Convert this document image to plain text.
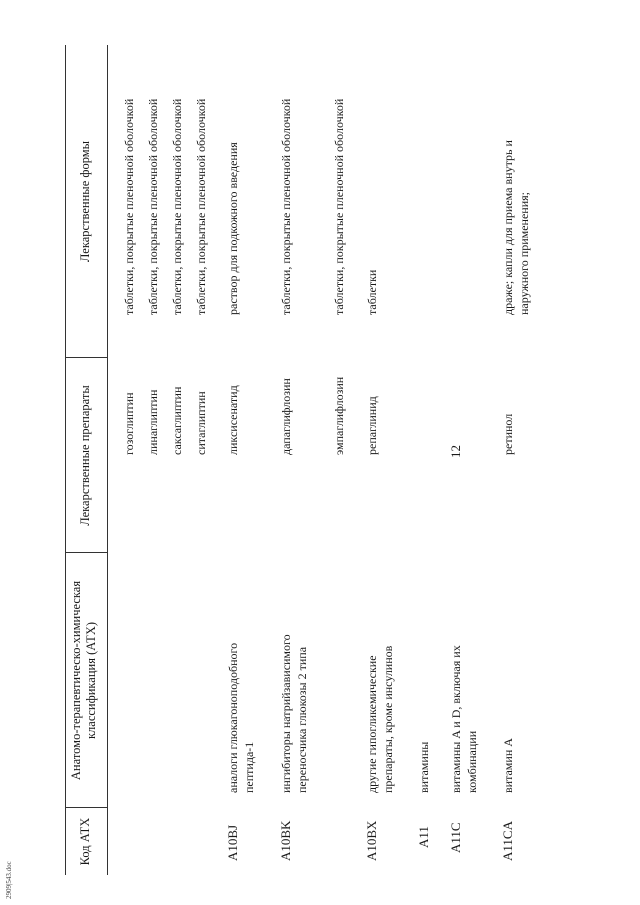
12
Код АТХ
Анатомо-терапевтическо-химическая классификация (АТХ)
Лекарственные препараты
Лекарственные формы
гозоглиптин
таблетки, покрытые пленочной оболочкой
линаглиптин
таблетки, покрытые пленочной оболочкой
саксаглиптин
таблетки, покрытые пленочной оболочкой
ситаглиптин
таблетки, покрытые пленочной оболочкой
A10BJ
аналоги глюкагоноподобного пептида-1
ликсисенатид
раствор для подкожного введения
A10BK
ингибиторы натрийзависимого переносчика глюкозы 2 типа
дапаглифлозин
таблетки, покрытые пленочной оболочкой
эмпаглифлозин
таблетки, покрытые пленочной оболочкой
A10BX
другие гипогликемические препараты, кроме инсулинов
репаглинид
таблетки
A11
витамины
A11C
витамины A и D, включая их комбинации
A11CA
витамин A
ретинол
драже; капли для приема внутрь и наружного применения;
2909|543.doc
